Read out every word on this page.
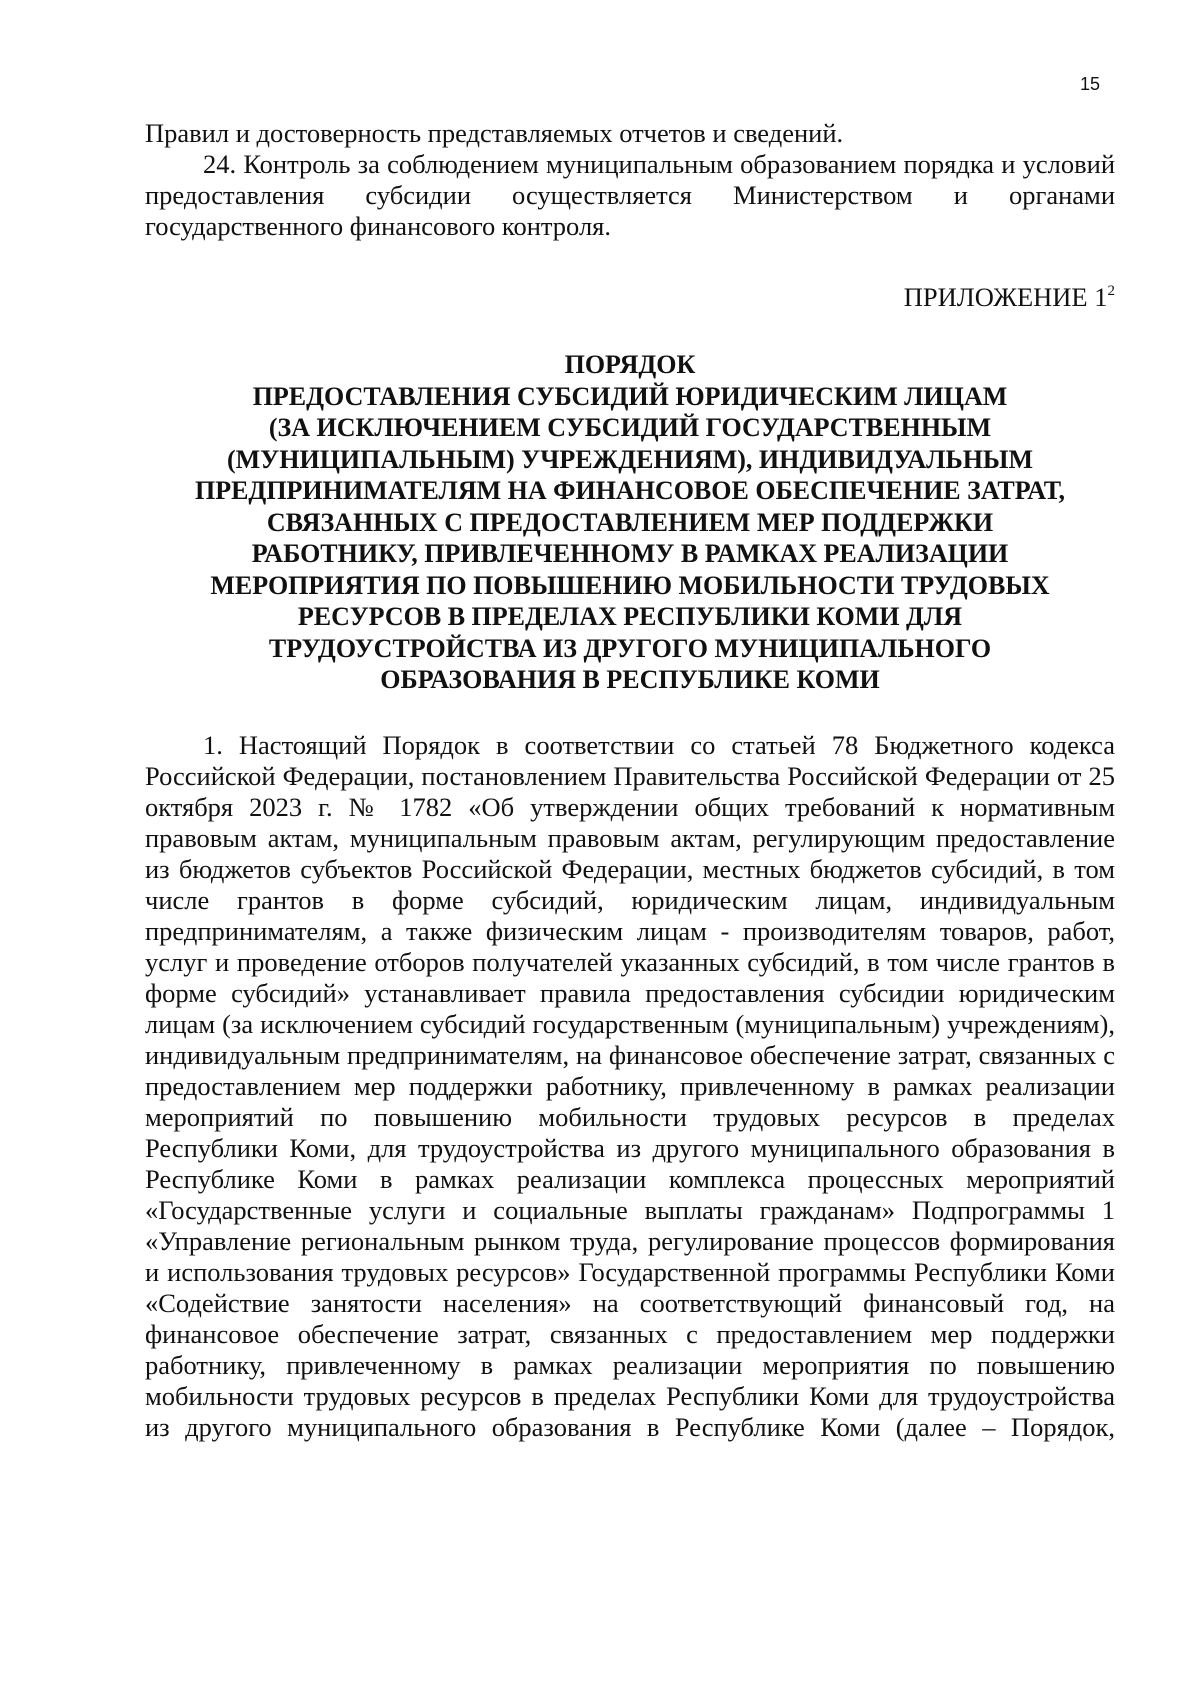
15

Правил и достоверность представляемых отчетов и сведений.

24. Контроль за соблюдением муниципальным образованием порядка и условий предоставления субсидии осуществляется Министерством и органами государственного финансового контроля.

ПРИЛОЖЕНИЕ $1^2$
ПОРЯДОК
ПРЕДОСТАВЛЕНИЯ СУБСИДИЙ ЮРИДИЧЕСКИМ ЛИЦАМ
(ЗА ИСКЛЮЧЕНИЕМ СУБСИДИЙ ГОСУДАРСТВЕННЫМ
(МУНИЦИПАЛЬНЫМ) УЧРЕЖДЕНИЯМ), ИНДИВИДУАЛЬНЫМ
ПРЕДПРИНИМАТЕЛЯМ НА ФИНАНСОВОЕ ОБЕСПЕЧЕНИЕ ЗАТРАТ,
СВЯЗАННЫХ С ПРЕДОСТАВЛЕНИЕМ МЕР ПОДДЕРЖКИ
РАБОТНИКУ, ПРИВЛЕЧЕННОМУ В РАМКАХ РЕАЛИЗАЦИИ
МЕРОПРИЯТИЯ ПО ПОВЫШЕНИЮ МОБИЛЬНОСТИ ТРУДОВЫХ
РЕСУРСОВ В ПРЕДЕЛАХ РЕСПУБЛИКИ КОМИ ДЛЯ
ТРУДОУСТРОЙСТВА ИЗ ДРУГОГО МУНИЦИПАЛЬНОГО
ОБРАЗОВАНИЯ В РЕСПУБЛИКЕ КОМИ

1. Настоящий Порядок в соответствии со статьей 78 Бюджетного кодекса Российской Федерации, постановлением Правительства Российской Федерации от 25 октября 2023 г. № 1782 «Об утверждении общих требований к нормативным правовым актам, муниципальным правовым актам, регулирующим предоставление из бюджетов субъектов Российской Федерации, местных бюджетов субсидий, в том числе грантов в форме субсидий, юридическим лицам, индивидуальным предпринимателям, а также физическим лицам - производителям товаров, работ, услуг и проведение отборов получателей указанных субсидий, в том числе грантов в форме субсидий» устанавливает правила предоставления субсидии юридическим лицам (за исключением субсидий государственным (муниципальным) учреждениям), индивидуальным предпринимателям, на финансовое обеспечение затрат, связанных с предоставлением мер поддержки работнику, привлеченному в рамках реализации мероприятий по повышению мобильности трудовых ресурсов в пределах Республики Коми, для трудоустройства из другого муниципального образования в Республике Коми в рамках реализации комплекса процессных мероприятий «Государственные услуги и социальные выплаты гражданам» Подпрограммы 1 «Управление региональным рынком труда, регулирование процессов формирования и использования трудовых ресурсов» Государственной программы Республики Коми «Содействие занятости населения» на соответствующий финансовый год, на финансовое обеспечение затрат, связанных с предоставлением мер поддержки работнику, привлеченному в рамках реализации мероприятия по повышению мобильности трудовых ресурсов в пределах Республики Коми для трудоустройства из другого муниципального образования в Республике Коми (далее – Порядок,
